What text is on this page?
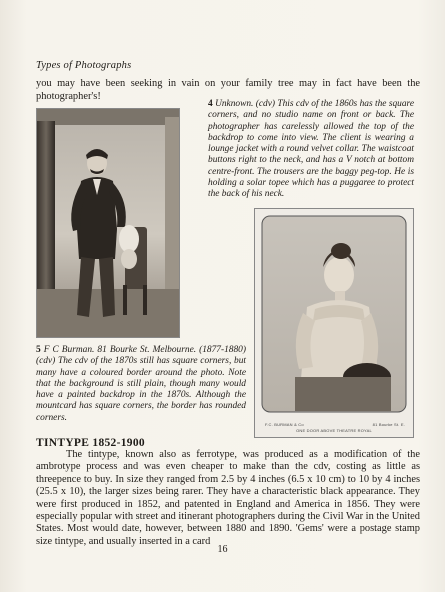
Types of Photographs
you may have been seeking in vain on your family tree may in fact have been the photographer's!
4 Unknown. (cdv) This cdv of the 1860s has the square corners, and no studio name on front or back. The photographer has carelessly allowed the top of the backdrop to come into view. The client is wearing a lounge jacket with a round velvet collar. The waistcoat buttons right to the neck, and has a V notch at bottom centre-front. The trousers are the baggy peg-top. He is holding a solar topee which has a puggaree to protect the back of his neck.
F.C. BURMAN & Co	81 Bourke St. E.
ONE DOOR ABOVE THEATRE ROYAL
5 F C Burman. 81 Bourke St. Melbourne. (1877-1880) (cdv) The cdv of the 1870s still has square corners, but many have a coloured border around the photo. Note that the background is still plain, though many would have a painted backdrop in the 1870s. Although the mountcard has square corners, the border has rounded corners.
TINTYPE 1852-1900
The tintype, known also as ferrotype, was produced as a modification of the ambrotype process and was even cheaper to make than the cdv, costing as little as threepence to buy. In size they ranged from 2.5 by 4 inches (6.5 x 10 cm) to 10 by 4 inches (25.5 x 10), the larger sizes being rarer. They have a characteristic black appearance. They were first produced in 1852, and patented in England and America in 1856. They were especially popular with street and itinerant photographers during the Civil War in the United States. Most would date, however, between 1880 and 1890. 'Gems' were a postage stamp size tintype, and usually inserted in a card
16
